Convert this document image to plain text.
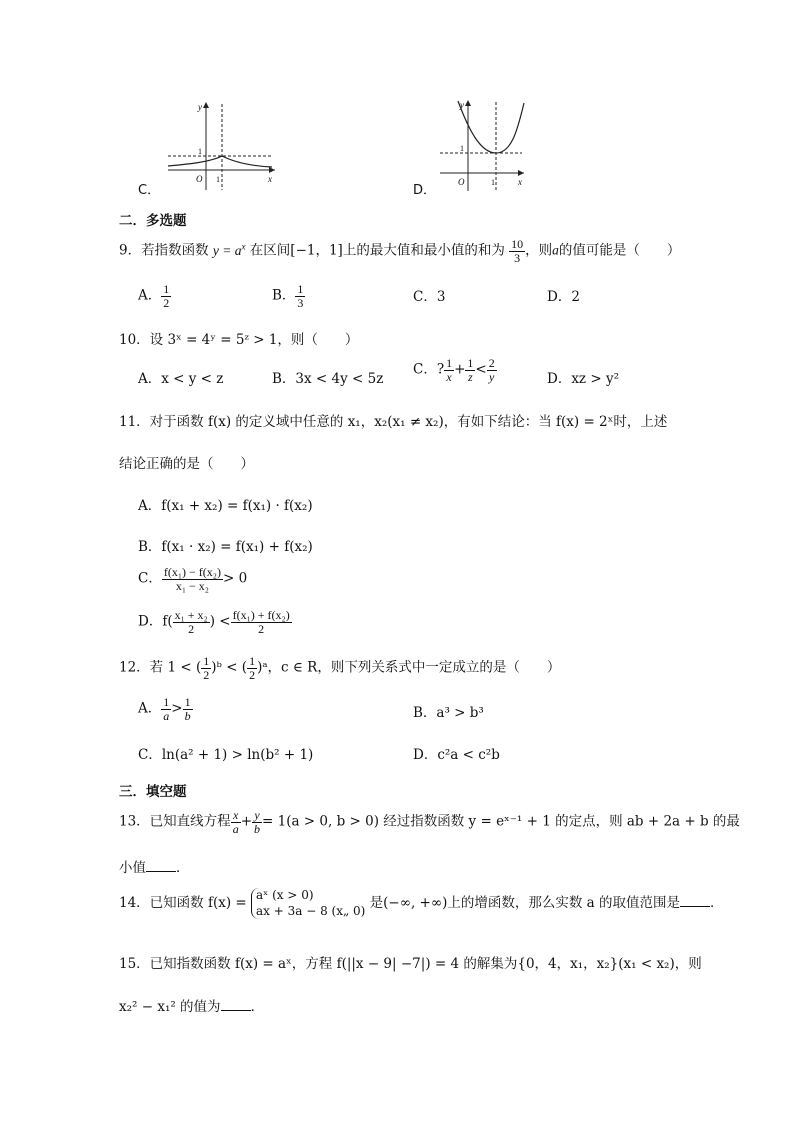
C．
y
x
O
1
1
D．
y
x
O
1
1
二．多选题
9．若指数函数 $y = a^x$ 在区间[−1，1]上的最大值和最小值的和为 $\frac{10}{3}$ ，则a的值可能是（　　）
A． $\frac{1}{2}$	B． $\frac{1}{3}$	C．3	D．2
10．设 3ˣ = 4ʸ = 5ᶻ > 1，则（　　）
A．x < y < z	B．3x < 4y < 5z
C．? $\frac{1}{x} + \frac{1}{z} < \frac{2}{y}$	D．xz > y²
11．对于函数 f(x) 的定义域中任意的 x₁，x₂(x₁ ≠ x₂)，有如下结论：当 f(x) = 2ˣ时，上述
结论正确的是（　　）
A．f(x₁ + x₂) = f(x₁) · f(x₂)
B．f(x₁ · x₂) = f(x₁) + f(x₂)
C． $\frac{\text{f(x₁) − f(x₂)}}{\text{x₁ − x₂}} > 0$
D．$f( \frac{\text{x₁ + x₂}}{2}$ ) < $\frac{\text{f(x₁) + f(x₂)}}{2}$
12．若 1 < ( $\frac{1}{2}$ )ᵇ < ( $\frac{1}{2}$ )ᵃ，c ∈ R，则下列关系式中一定成立的是（　　）
A． $\frac{1}{a} > \frac{1}{b}$	B．a³ > b³
C．ln(a² + 1) > ln(b² + 1)	D．c²a < c²b
三．填空题
13．已知直线方程 $\frac{x}{a} + \frac{y}{b} = 1(a > 0$, b > 0) 经过指数函数 y = eˣ⁻¹ + 1 的定点，则 ab + 2a + b 的最
小值 ．
14．已知函数 f(x) =
aˣ (x > 0)
ax + 3a − 8 (x„ 0) 是(−∞, +∞)上的增函数，那么实数 a 的取值范围是 ．
15．已知指数函数 f(x) = aˣ，方程 f(||x − 9| −7|) = 4 的解集为{0，4，x₁，x₂}(x₁ < x₂)，则
x₂² − x₁² 的值为 ．
